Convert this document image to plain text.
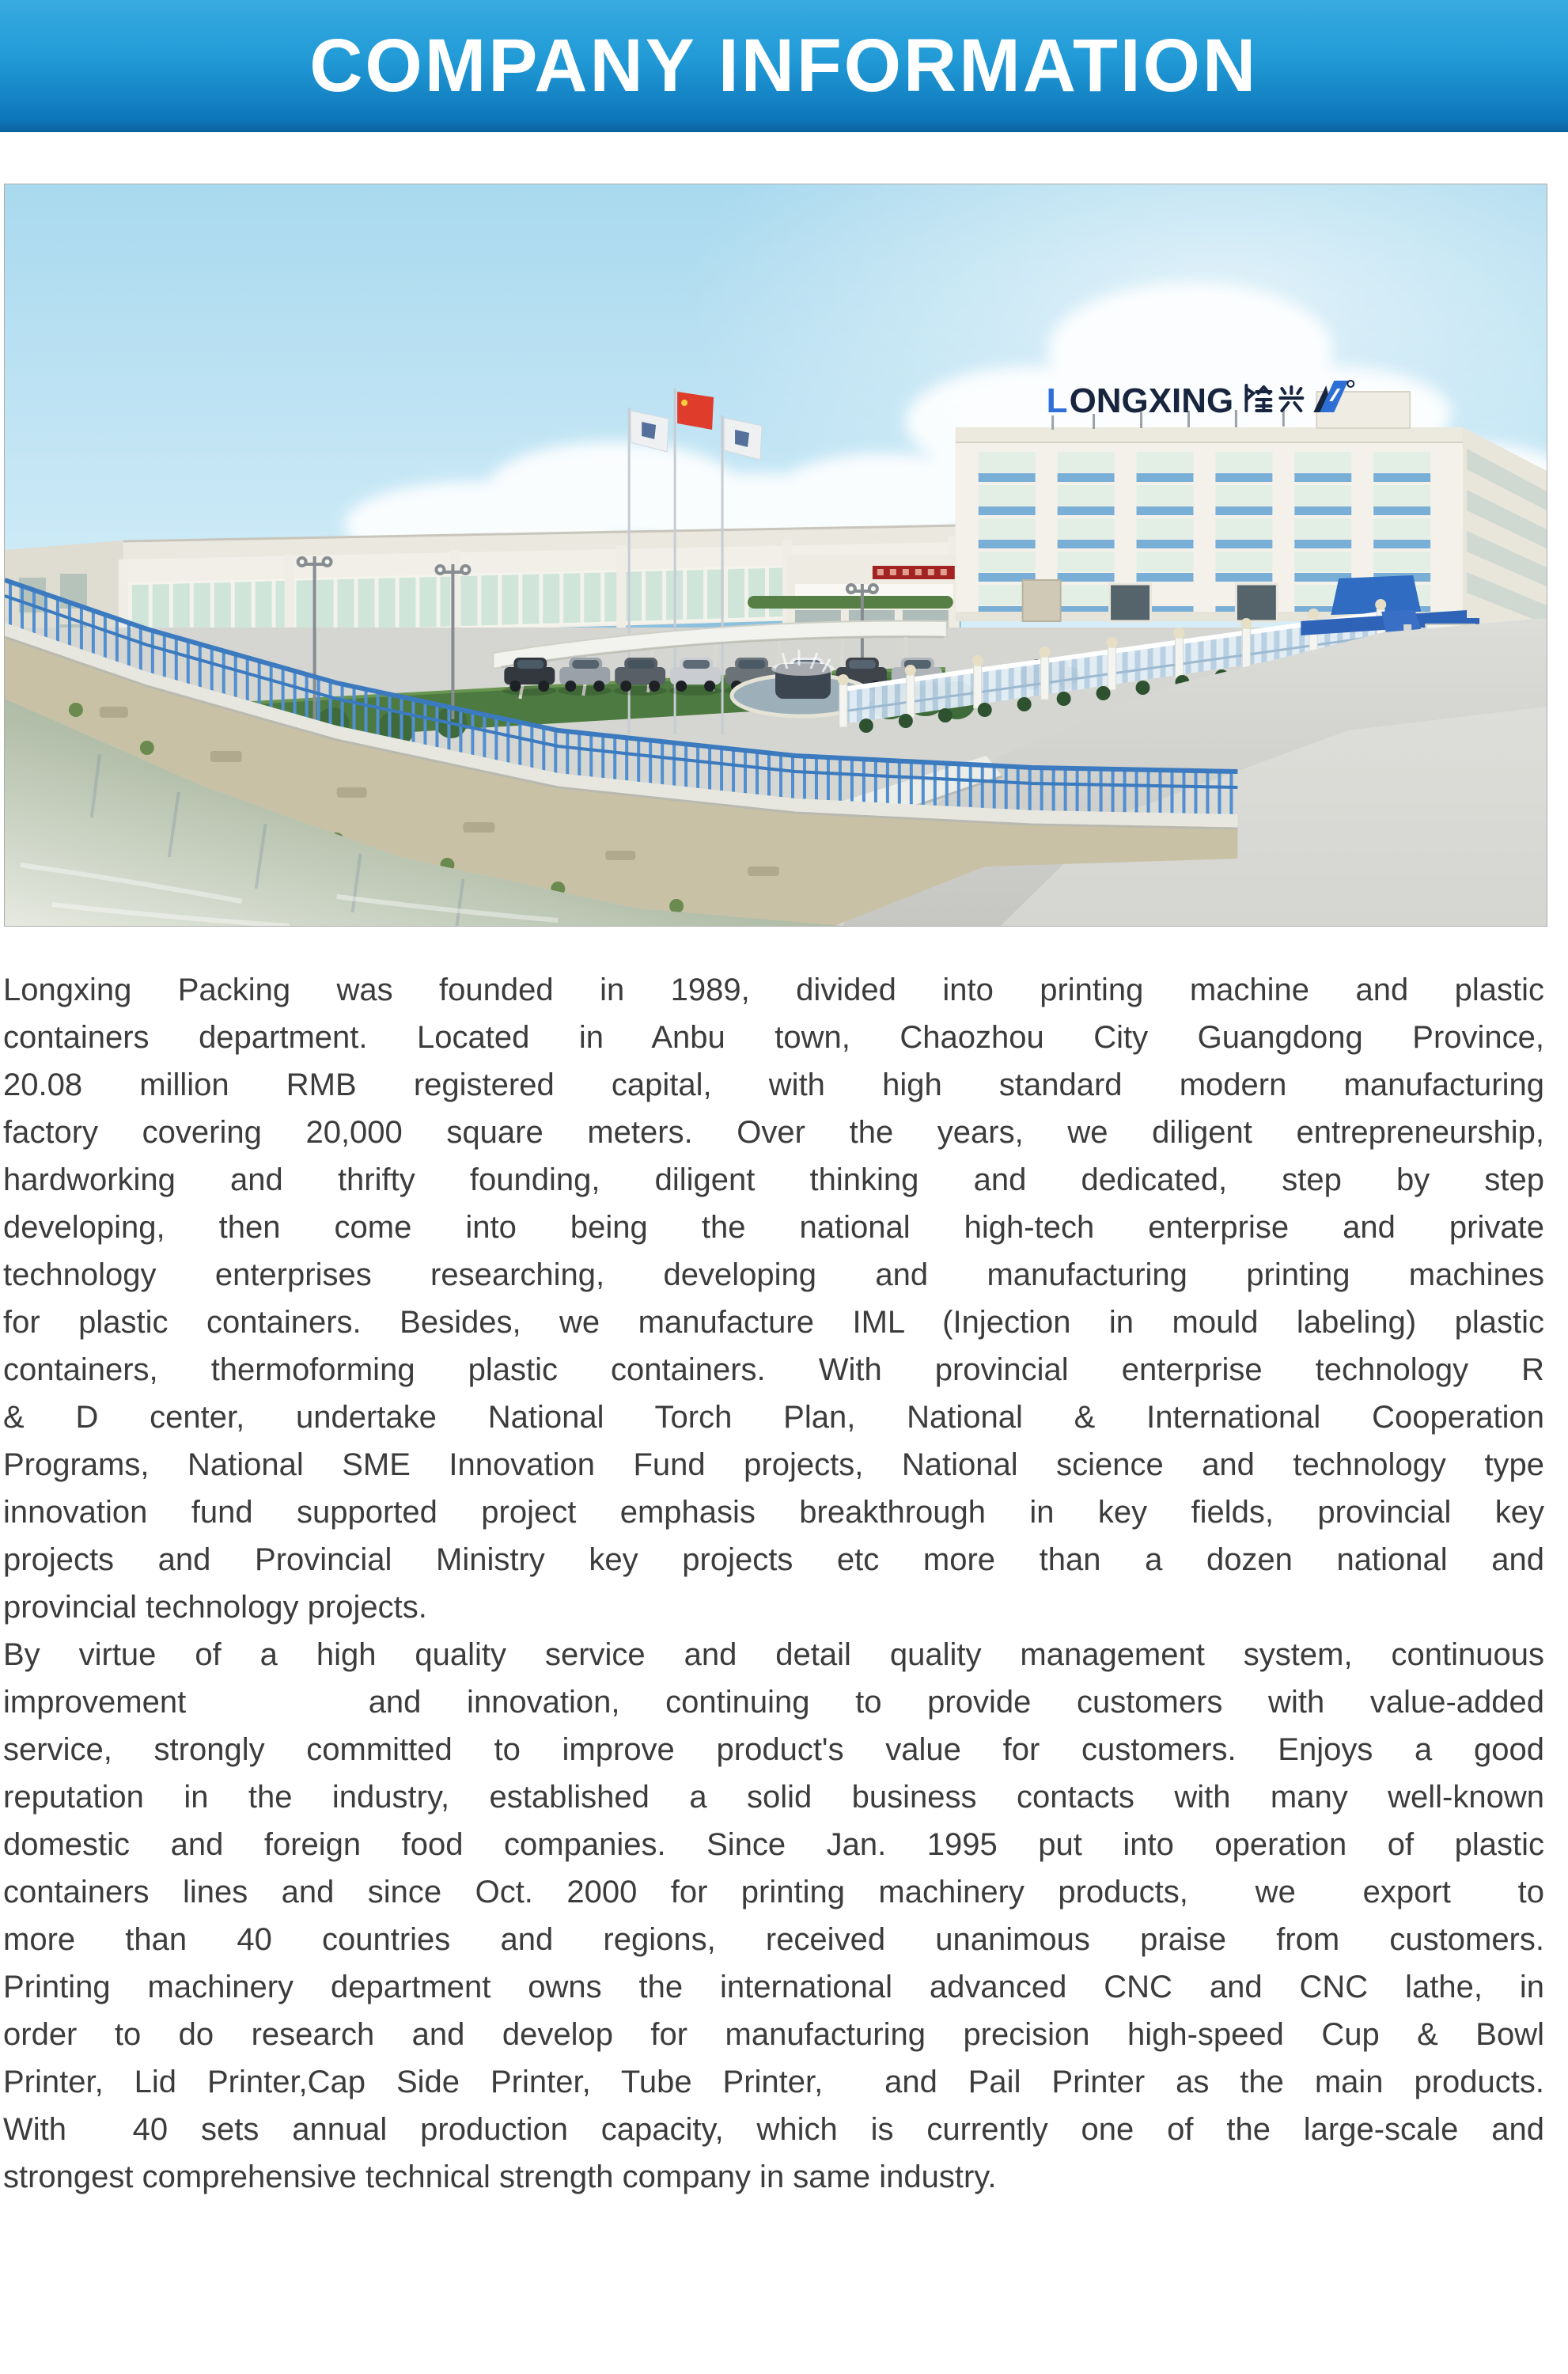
COMPANY INFORMATION
L ONGXING
Longxing Packing was founded in 1989, divided into printing machine and plastic
containers department. Located in Anbu town, Chaozhou City Guangdong Province,
20.08 million RMB registered capital, with high standard modern manufacturing
factory covering 20,000 square meters. Over the years, we diligent entrepreneurship,
hardworking and thrifty founding, diligent thinking and dedicated, step by step
developing, then come into being the national high-tech enterprise and private
technology enterprises researching, developing and manufacturing printing machines
for plastic containers. Besides, we manufacture IML (Injection in mould labeling) plastic
containers, thermoforming plastic containers. With provincial enterprise technology R
& D center, undertake National Torch Plan, National & International Cooperation
Programs, National SME Innovation Fund projects, National science and technology type
innovation fund supported project emphasis breakthrough in key fields, provincial key
projects and Provincial Ministry key projects etc more than a dozen national and
provincial technology projects.
By virtue of a high quality service and detail quality management system, continuous
improvement    and innovation, continuing to provide customers with value-added
service, strongly committed to improve product's value for customers. Enjoys a good
reputation in the industry, established a solid business contacts with many well-known
domestic and foreign food companies. Since Jan. 1995 put into operation of plastic
containers lines and since Oct. 2000 for printing machinery products,  we  export  to
more than 40 countries and regions, received unanimous praise from customers.
Printing machinery department owns the international advanced CNC and CNC lathe, in
order to do research and develop for manufacturing precision high-speed Cup & Bowl
Printer, Lid Printer,Cap Side Printer, Tube Printer,  and Pail Printer as the main products.
With  40 sets annual production capacity, which is currently one of the large-scale and
strongest comprehensive technical strength company in same industry.
